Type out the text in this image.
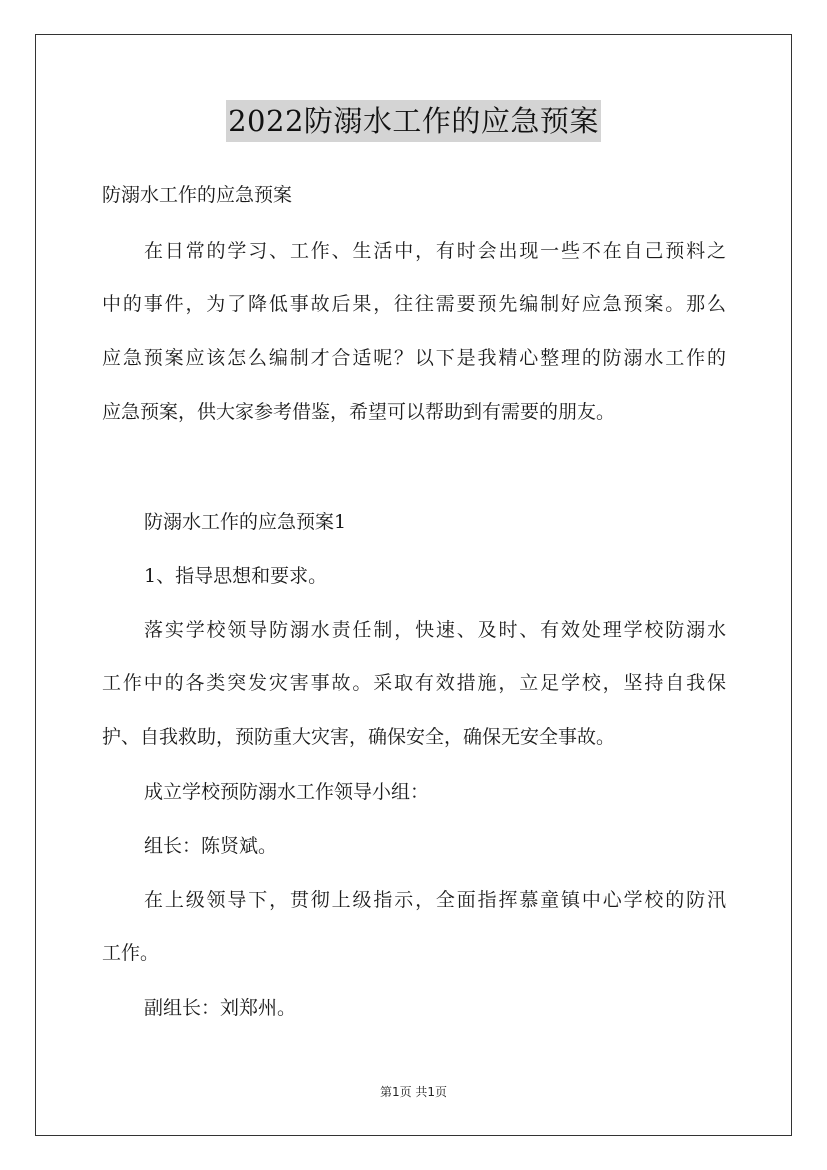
2022防溺水工作的应急预案
防溺水工作的应急预案
在日常的学习、工作、生活中，有时会出现一些不在自己预料之
中的事件，为了降低事故后果，往往需要预先编制好应急预案。那么
应急预案应该怎么编制才合适呢？以下是我精心整理的防溺水工作的
应急预案，供大家参考借鉴，希望可以帮助到有需要的朋友。
防溺水工作的应急预案1
1、指导思想和要求。
落实学校领导防溺水责任制，快速、及时、有效处理学校防溺水
工作中的各类突发灾害事故。采取有效措施，立足学校，坚持自我保
护、自我救助，预防重大灾害，确保安全，确保无安全事故。
成立学校预防溺水工作领导小组：
组长：陈贤斌。
在上级领导下，贯彻上级指示，全面指挥慕童镇中心学校的防汛
工作。
副组长：刘郑州。
第1页 共1页
